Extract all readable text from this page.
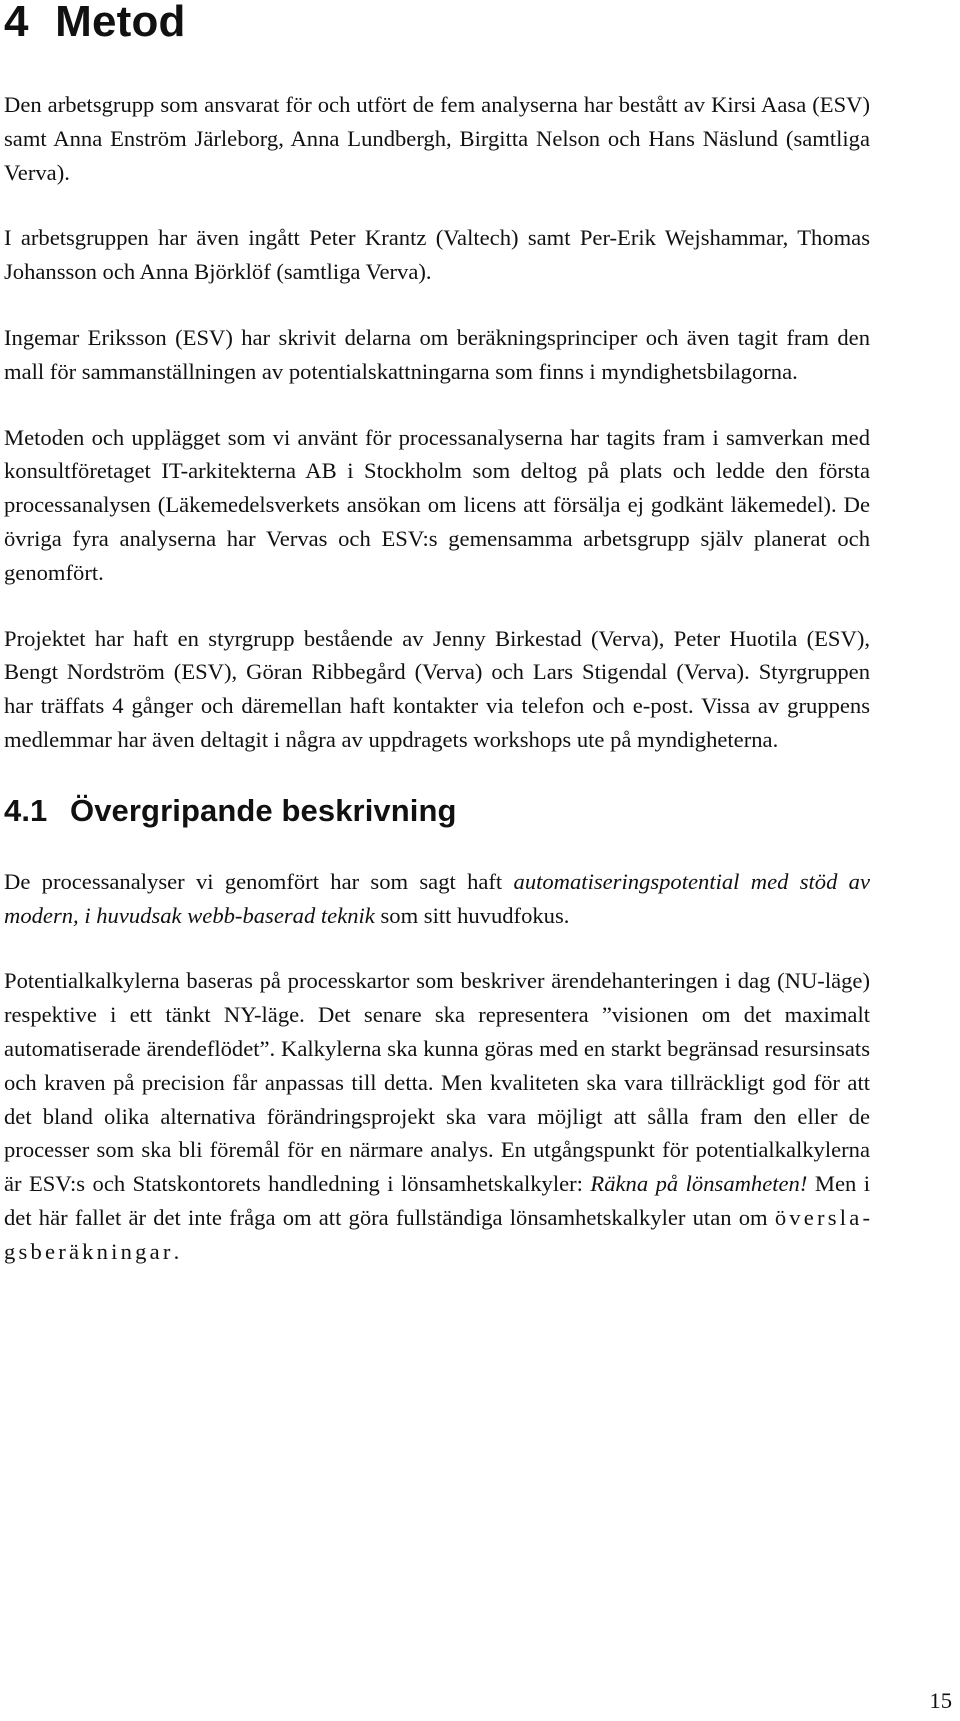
4 Metod

Den arbetsgrupp som ansvarat för och utfört de fem analyserna har bestått av Kirsi Aasa (ESV) samt Anna Enström Järleborg, Anna Lundbergh, Birgitta Nelson och Hans Näslund (samtliga Verva).

I arbetsgruppen har även ingått Peter Krantz (Valtech) samt Per-Erik Wejshammar, Thomas Johansson och Anna Björklöf (samtliga Verva).

Ingemar Eriksson (ESV) har skrivit delarna om beräkningsprinciper och även tagit fram den mall för sammanställningen av potentialskattningarna som finns i myndighetsbilagorna.

Metoden och upplägget som vi använt för processanalyserna har tagits fram i samverkan med konsultföretaget IT-arkitekterna AB i Stockholm som deltog på plats och ledde den första processanalysen (Läkemedelsverkets ansökan om licens att försälja ej godkänt läkemedel). De övriga fyra analyserna har Vervas och ESV:s gemensamma arbetsgrupp själv planerat och genomfört.

Projektet har haft en styrgrupp bestående av Jenny Birkestad (Verva), Peter Huotila (ESV), Bengt Nordström (ESV), Göran Ribbegård (Verva) och Lars Stigendal (Verva). Styrgruppen har träffats 4 gånger och däremellan haft kontakter via telefon och e-post. Vissa av gruppens medlemmar har även deltagit i några av uppdragets workshops ute på myndigheterna.

4.1 Övergripande beskrivning

De processanalyser vi genomfört har som sagt haft automatiseringspotential med stöd av modern, i huvudsak webb-baserad teknik som sitt huvudfokus.

Potentialkalkylerna baseras på processkartor som beskriver ärendehanteringen i dag (NU-läge) respektive i ett tänkt NY-läge. Det senare ska representera ”visionen om det maximalt automatiserade ärendeflödet”. Kalkylerna ska kunna göras med en starkt begränsad resursinsats och kraven på precision får anpassas till detta. Men kvaliteten ska vara tillräckligt god för att det bland olika alternativa förändringsprojekt ska vara möjligt att sålla fram den eller de processer som ska bli föremål för en närmare analys. En utgångspunkt för potentialkalkylerna är ESV:s och Statskontorets handledning i lönsamhetskalkyler: Räkna på lönsamheten! Men i det här fallet är det inte fråga om att göra fullständiga lönsamhetskalkyler utan om överslagsberäkningar.

15
